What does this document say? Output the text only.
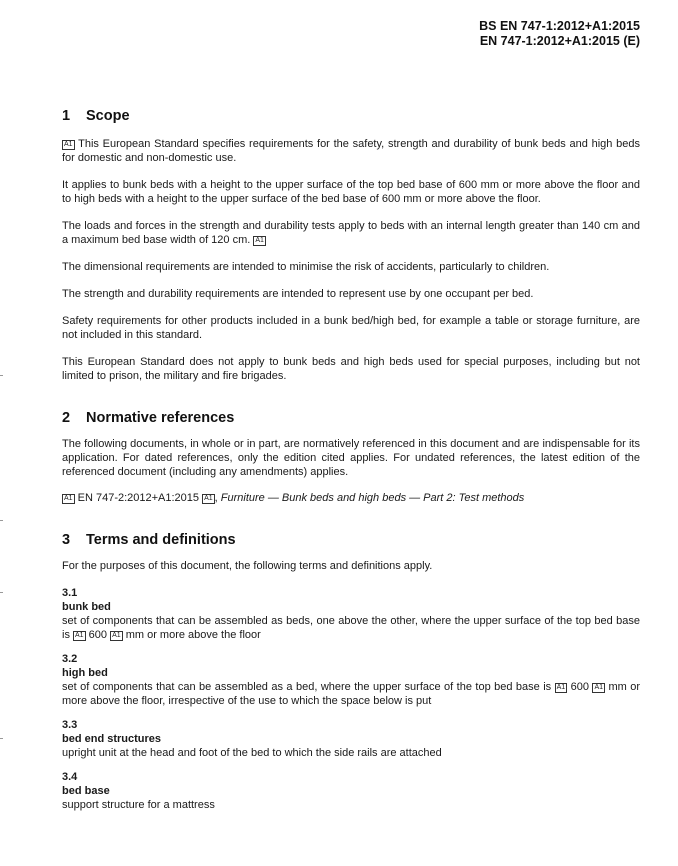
BS EN 747-1:2012+A1:2015
EN 747-1:2012+A1:2015 (E)
1 Scope

A1 This European Standard specifies requirements for the safety, strength and durability of bunk beds and high beds for domestic and non-domestic use.

It applies to bunk beds with a height to the upper surface of the top bed base of 600 mm or more above the floor and to high beds with a height to the upper surface of the bed base of 600 mm or more above the floor.

The loads and forces in the strength and durability tests apply to beds with an internal length greater than 140 cm and a maximum bed base width of 120 cm. A1

The dimensional requirements are intended to minimise the risk of accidents, particularly to children.

The strength and durability requirements are intended to represent use by one occupant per bed.

Safety requirements for other products included in a bunk bed/high bed, for example a table or storage furniture, are not included in this standard.

This European Standard does not apply to bunk beds and high beds used for special purposes, including but not limited to prison, the military and fire brigades.

2 Normative references

The following documents, in whole or in part, are normatively referenced in this document and are indispensable for its application. For dated references, only the edition cited applies. For undated references, the latest edition of the referenced document (including any amendments) applies.

A1 EN 747-2:2012+A1:2015 A1 , Furniture — Bunk beds and high beds — Part 2: Test methods

3 Terms and definitions

For the purposes of this document, the following terms and definitions apply.

3.1
bunk bed
set of components that can be assembled as beds, one above the other, where the upper surface of the top bed base is A1 600 A1 mm or more above the floor
3.2
high bed
set of components that can be assembled as a bed, where the upper surface of the top bed base is A1 600 A1 mm or more above the floor, irrespective of the use to which the space below is put
3.3
bed end structures
upright unit at the head and foot of the bed to which the side rails are attached
3.4
bed base
support structure for a mattress
